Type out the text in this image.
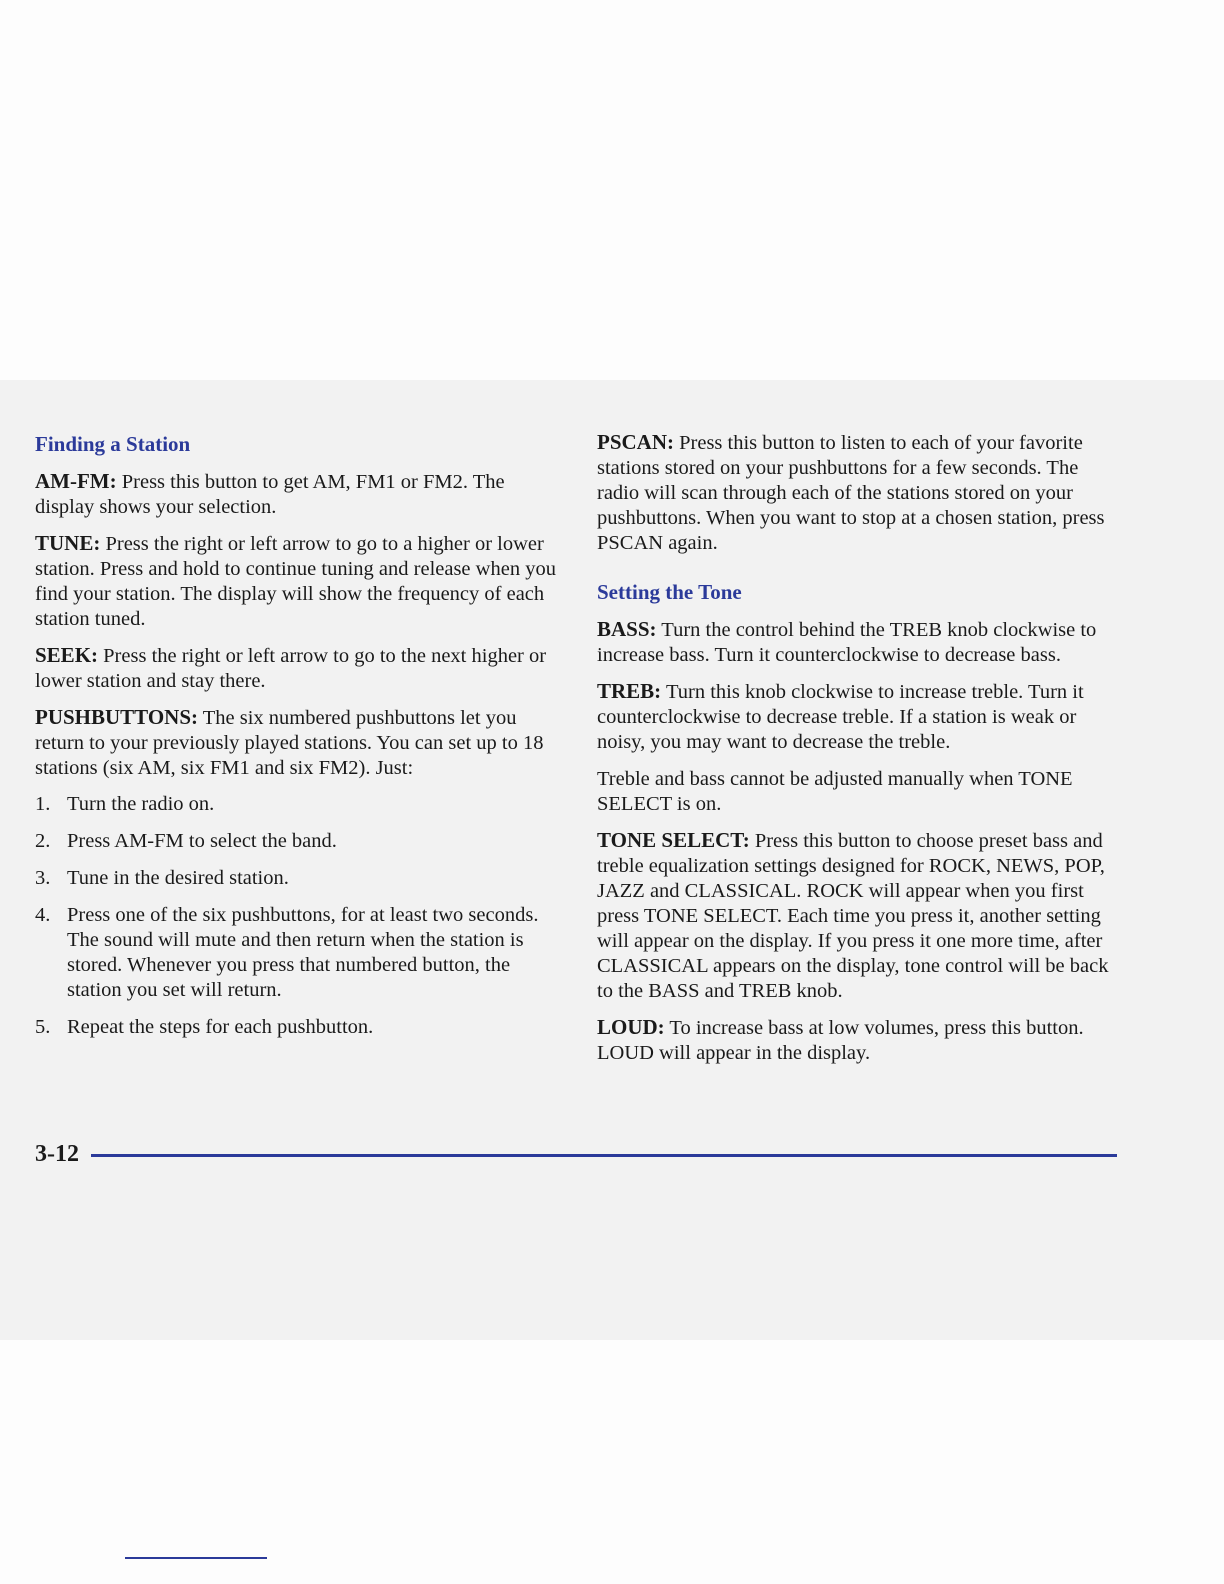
Finding a Station

AM-FM: Press this button to get AM, FM1 or FM2. The display shows your selection.

TUNE: Press the right or left arrow to go to a higher or lower station. Press and hold to continue tuning and release when you find your station. The display will show the frequency of each station tuned.

SEEK: Press the right or left arrow to go to the next higher or lower station and stay there.

PUSHBUTTONS: The six numbered pushbuttons let you return to your previously played stations. You can set up to 18 stations (six AM, six FM1 and six FM2). Just:

1. Turn the radio on.
2. Press AM-FM to select the band.
3. Tune in the desired station.
4. Press one of the six pushbuttons, for at least two seconds. The sound will mute and then return when the station is stored. Whenever you press that numbered button, the station you set will return.
5. Repeat the steps for each pushbutton.

PSCAN: Press this button to listen to each of your favorite stations stored on your pushbuttons for a few seconds. The radio will scan through each of the stations stored on your pushbuttons. When you want to stop at a chosen station, press PSCAN again.

Setting the Tone

BASS: Turn the control behind the TREB knob clockwise to increase bass. Turn it counterclockwise to decrease bass.

TREB: Turn this knob clockwise to increase treble. Turn it counterclockwise to decrease treble. If a station is weak or noisy, you may want to decrease the treble.

Treble and bass cannot be adjusted manually when TONE SELECT is on.

TONE SELECT: Press this button to choose preset bass and treble equalization settings designed for ROCK, NEWS, POP, JAZZ and CLASSICAL. ROCK will appear when you first press TONE SELECT. Each time you press it, another setting will appear on the display. If you press it one more time, after CLASSICAL appears on the display, tone control will be back to the BASS and TREB knob.

LOUD: To increase bass at low volumes, press this button. LOUD will appear in the display.

3-12
